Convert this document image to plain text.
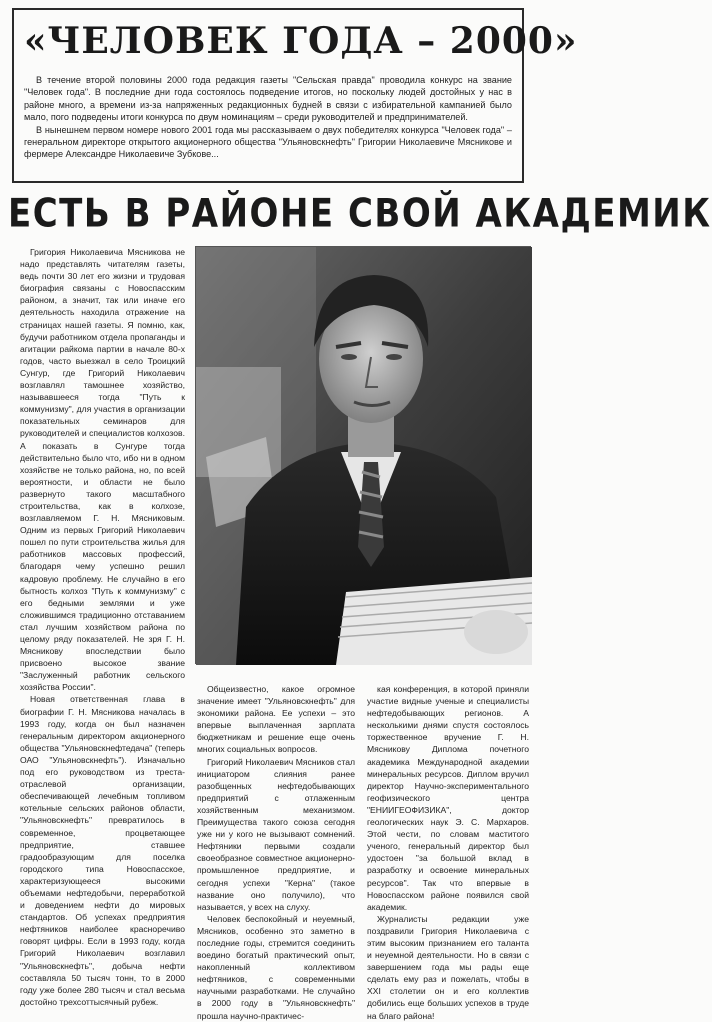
«ЧЕЛОВЕК ГОДА – 2000»

В течение второй половины 2000 года редакция газеты "Сельская правда" проводила конкурс на звание "Человек года". В последние дни года состоялось подведение итогов, но поскольку людей достойных у нас в районе много, а времени из-за напряженных редакционных будней в связи с избирательной кампанией было мало, пого подведены итоги конкурса по двум номинациям – среди руководителей и предпринимателей.

В нынешнем первом номере нового 2001 года мы рассказываем о двух победителях конкурса "Человек года" – генеральном директоре открытого акционерного общества "Ульяновскнефть" Григории Николаевиче Мясникове и фермере Александре Николаевиче Зубкове...

ЕСТЬ В РАЙОНЕ СВОЙ АКАДЕМИК

Григория Николаевича Мясникова не надо представлять читателям газеты, ведь почти 30 лет его жизни и трудовая биография связаны с Новоспасским районом, а значит, так или иначе его деятельность находила отражение на страницах нашей газеты. Я помню, как, будучи работником отдела пропаганды и агитации райкома партии в начале 80-х годов, часто выезжал в село Троицкий Сунгур, где Григорий Николаевич возглавлял тамошнее хозяйство, называвшееся тогда "Путь к коммунизму", для участия в организации показательных семинаров для руководителей и специалистов колхозов. А показать в Сунгуре тогда действительно было что, ибо ни в одном хозяйстве не только района, но, по всей вероятности, и области не было развернуто такого масштабного строительства, как в колхозе, возглавляемом Г. Н. Мясниковым. Одним из первых Григорий Николаевич пошел по пути строительства жилья для работников массовых профессий, благодаря чему успешно решил кадровую проблему. Не случайно в его бытность колхоз "Путь к коммунизму" с его бедными землями и уже сложившимся традиционно отставанием стал лучшим хозяйством района по целому ряду показателей. Не зря Г. Н. Мясникову впоследствии было присвоено высокое звание "Заслуженный работник сельского хозяйства России".

Новая ответственная глава в биографии Г. Н. Мясникова началась в 1993 году, когда он был назначен генеральным директором акционерного общества "Ульяновскнефтедача" (теперь ОАО "Ульяновскнефть"). Изначально под его руководством из треста-отраслевой организации, обеспечивающей лечебным топливом котельные сельских районов области, "Ульяновскнефть" превратилось в современное, процветающее предприятие, ставшее градообразующим для поселка городского типа Новоспасское, характеризующееся высокими объемами нефтедобычи, переработкой и доведением нефти до мировых стандартов. Об успехах предприятия нефтяников наиболее красноречиво говорят цифры. Если в 1993 году, когда Григорий Николаевич возглавил "Ульяновскнефть", добыча нефти составляла 50 тысяч тонн, то в 2000 году уже более 280 тысяч и стал весьма достойно трехсоттысячный рубеж.

Общеизвестно, какое огромное значение имеет "Ульяновскнефть" для экономики района. Ее успехи – это впервые выплаченная зарплата бюджетникам и решение еще очень многих социальных вопросов.

Григорий Николаевич Мясников стал инициатором слияния ранее разобщенных нефтедобывающих предприятий с отлаженным хозяйственным механизмом. Преимущества такого союза сегодня уже ни у кого не вызывают сомнений. Нефтяники первыми создали своеобразное совместное акционерно-промышленное предприятие, и сегодня успехи "Керна" (такое название оно получило), что называется, у всех на слуху.

Человек беспокойный и неуемный, Мясников, особенно это заметно в последние годы, стремится соединить воедино богатый практический опыт, накопленный коллективом нефтяников, с современными научными разработками. Не случайно в 2000 году в "Ульяновскнефть" прошла научно-практичес-

кая конференция, в которой приняли участие видные ученые и специалисты нефтедобывающих регионов. А несколькими днями спустя состоялось торжественное вручение Г. Н. Мясникову Диплома почетного академика Международной академии минеральных ресурсов. Диплом вручил директор Научно-экспериментального геофизического центра "ЕНИИГЕОФИЗИКА", доктор геологических наук Э. С. Мархаров. Этой чести, по словам маститого ученого, генеральный директор был удостоен "за большой вклад в разработку и освоение минеральных ресурсов". Так что впервые в Новоспасском районе появился свой академик.

Журналисты редакции уже поздравили Григория Николаевича с этим высоким признанием его таланта и неуемной деятельности. Но в связи с завершением года мы рады еще сделать ему раз и пожелать, чтобы в XXI столетии он и его коллектив добились еще больших успехов в труде на благо района!
